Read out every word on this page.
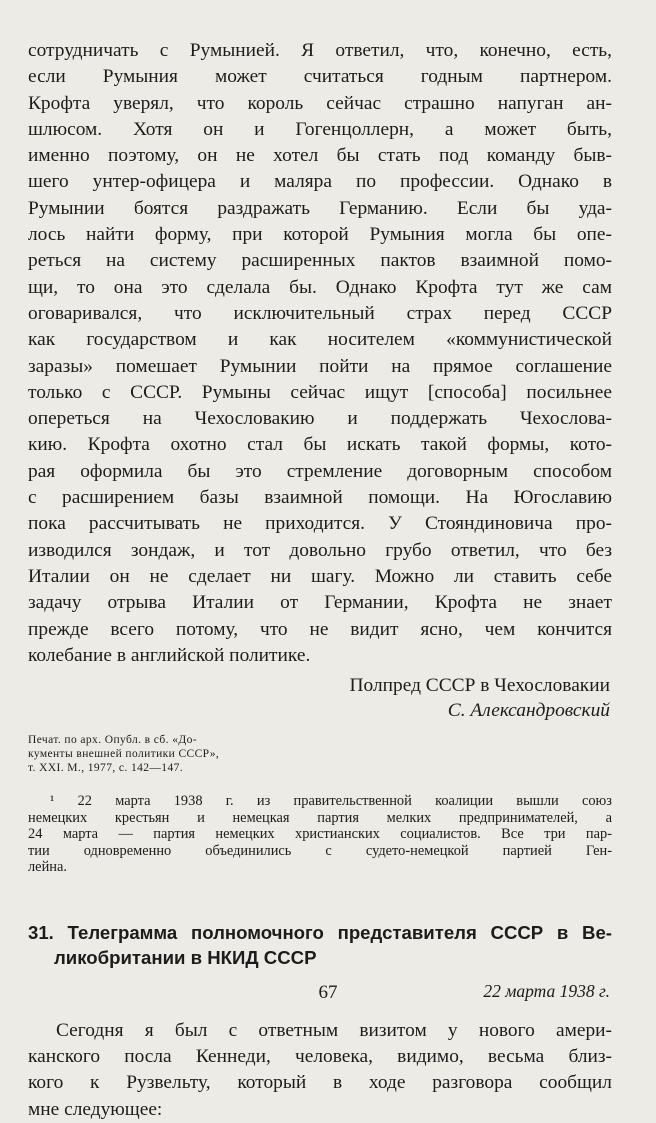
сотрудничать с Румынией. Я ответил, что, конечно, есть,
если Румыния может считаться годным партнером.
Крофта уверял, что король сейчас страшно напуган ан-
шлюсом. Хотя он и Гогенцоллерн, а может быть,
именно поэтому, он не хотел бы стать под команду быв-
шего унтер-офицера и маляра по профессии. Однако в
Румынии боятся раздражать Германию. Если бы уда-
лось найти форму, при которой Румыния могла бы опе-
реться на систему расширенных пактов взаимной помо-
щи, то она это сделала бы. Однако Крофта тут же сам
оговаривался, что исключительный страх перед СССР
как государством и как носителем «коммунистической
заразы» помешает Румынии пойти на прямое соглашение
только с СССР. Румыны сейчас ищут [способа] посильнее
опереться на Чехословакию и поддержать Чехослова-
кию. Крофта охотно стал бы искать такой формы, кото-
рая оформила бы это стремление договорным способом
с расширением базы взаимной помощи. На Югославию
пока рассчитывать не приходится. У Стояндиновича про-
изводился зондаж, и тот довольно грубо ответил, что без
Италии он не сделает ни шагу. Можно ли ставить себе
задачу отрыва Италии от Германии, Крофта не знает
прежде всего потому, что не видит ясно, чем кончится
колебание в английской политике.
Полпред СССР в Чехословакии
С. Александровский
Печат. по арх. Опубл. в сб. «До-
кументы внешней политики СССР»,
т. XXI. М., 1977, с. 142—147.
¹ 22 марта 1938 г. из правительственной коалиции вышли союз
немецких крестьян и немецкая партия мелких предпринимателей, а
24 марта — партия немецких христианских социалистов. Все три пар-
тии одновременно объединились с судето-немецкой партией Ген-
лейна.
31. Телеграмма полномочного представителя СССР в Ве-
ликобритании в НКИД СССР
22 марта 1938 г.
Сегодня я был с ответным визитом у нового амери-
канского посла Кеннеди, человека, видимо, весьма близ-
кого к Рузвельту, который в ходе разговора сообщил
мне следующее:
67
